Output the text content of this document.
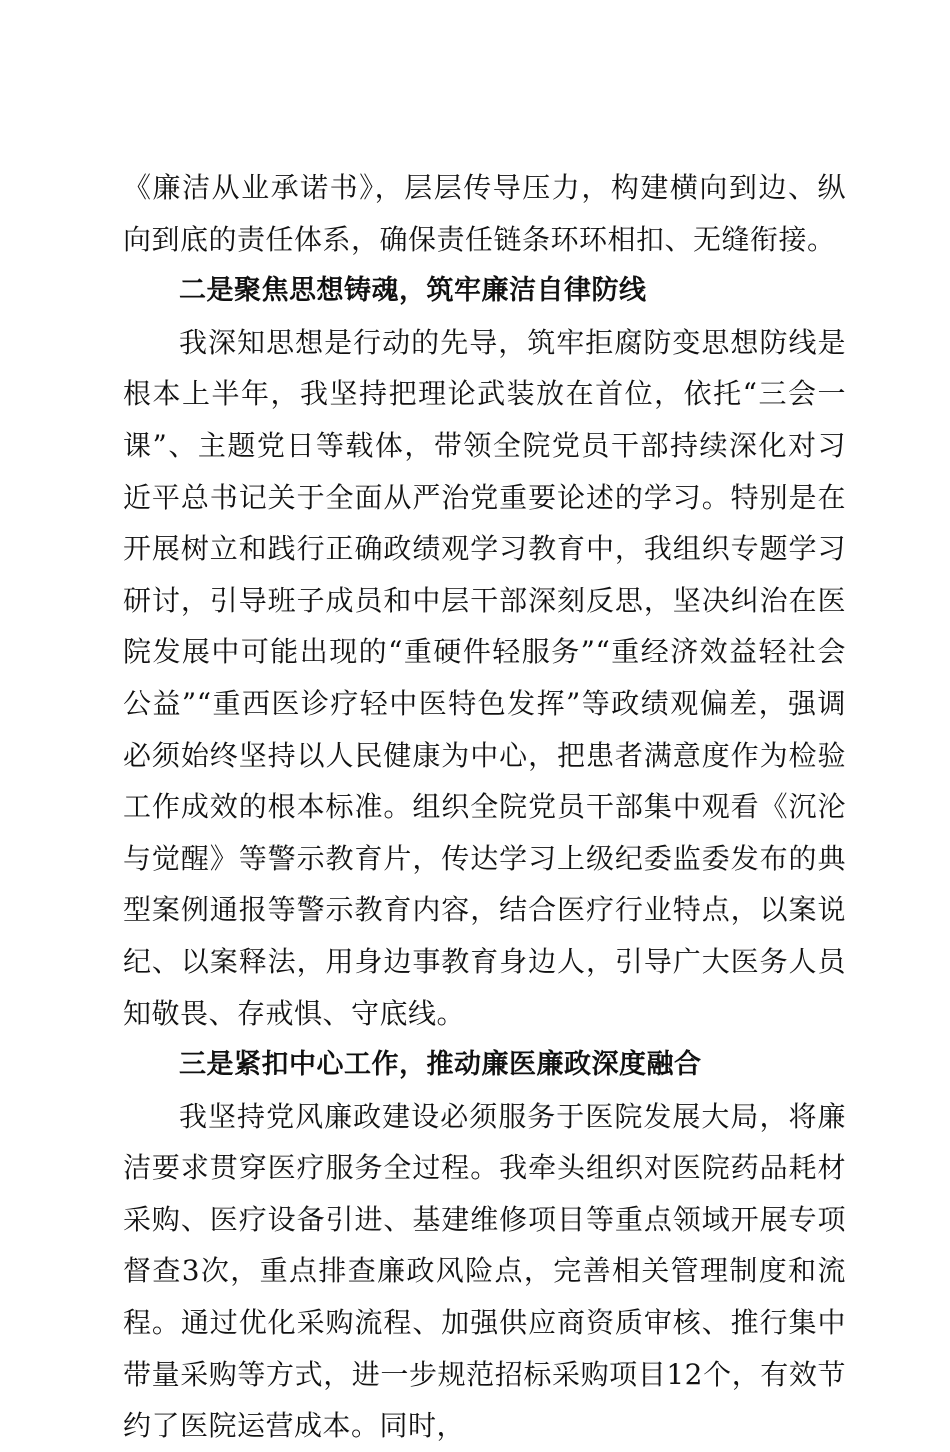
《廉洁从业承诺书》，层层传导压力，构建横向到边、纵向到底的责任体系，确保责任链条环环相扣、无缝衔接。

二是聚焦思想铸魂，筑牢廉洁自律防线

我深知思想是行动的先导，筑牢拒腐防变思想防线是根本上半年，我坚持把理论武装放在首位，依托“三会一课”、主题党日等载体，带领全院党员干部持续深化对习近平总书记关于全面从严治党重要论述的学习。特别是在开展树立和践行正确政绩观学习教育中，我组织专题学习研讨，引导班子成员和中层干部深刻反思，坚决纠治在医院发展中可能出现的“重硬件轻服务”“重经济效益轻社会公益”“重西医诊疗轻中医特色发挥”等政绩观偏差，强调必须始终坚持以人民健康为中心，把患者满意度作为检验工作成效的根本标准。组织全院党员干部集中观看《沉沦与觉醒》等警示教育片，传达学习上级纪委监委发布的典型案例通报等警示教育内容，结合医疗行业特点，以案说纪、以案释法，用身边事教育身边人，引导广大医务人员知敬畏、存戒惧、守底线。

三是紧扣中心工作，推动廉医廉政深度融合

我坚持党风廉政建设必须服务于医院发展大局，将廉洁要求贯穿医疗服务全过程。我牵头组织对医院药品耗材采购、医疗设备引进、基建维修项目等重点领域开展专项督查3次，重点排查廉政风险点，完善相关管理制度和流程。通过优化采购流程、加强供应商资质审核、推行集中带量采购等方式，进一步规范招标采购项目12个，有效节约了医院运营成本。同时，
